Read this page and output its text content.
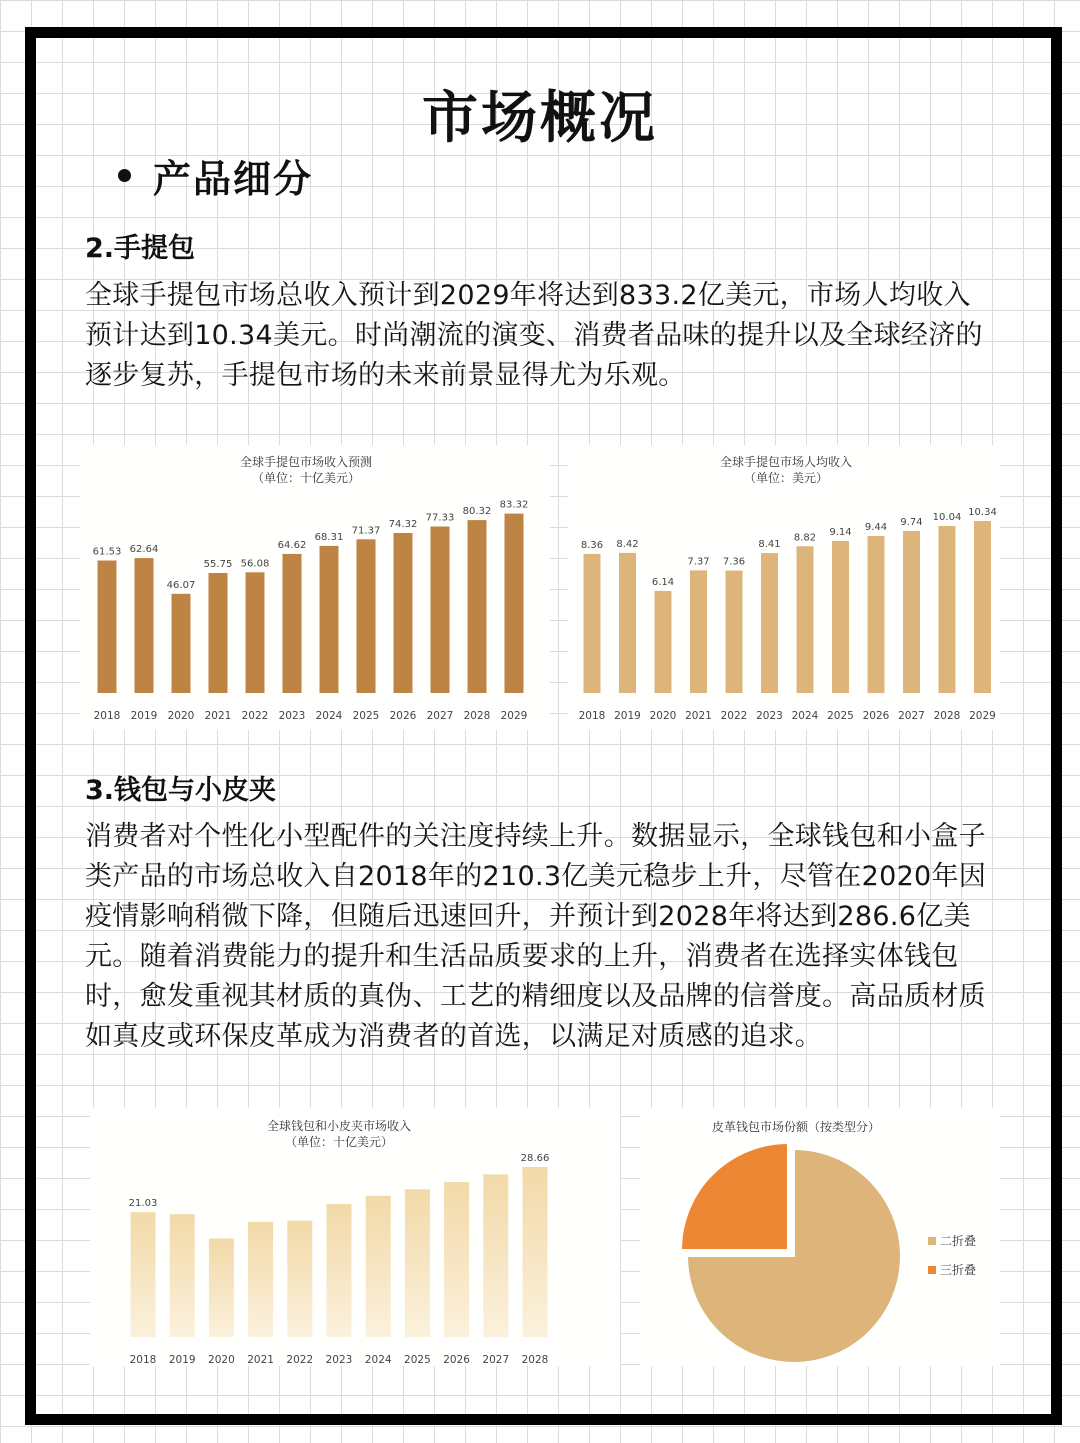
市场概况
产品细分
2.手提包

全球手提包市场总收入预计到2029年将达到833.2亿美元，市场人均收入预计达到10.34美元。时尚潮流的演变、消费者品味的提升以及全球经济的逐步复苏，手提包市场的未来前景显得尤为乐观。

全球手提包市场收入预测
（单位：十亿美元）
61.53
2018
62.64
2019
46.07
2020
55.75
2021
56.08
2022
64.62
2023
68.31
2024
71.37
2025
74.32
2026
77.33
2027
80.32
2028
83.32
2029
全球手提包市场人均收入
（单位：美元）
8.36
2018
8.42
2019
6.14
2020
7.37
2021
7.36
2022
8.41
2023
8.82
2024
9.14
2025
9.44
2026
9.74
2027
10.04
2028
10.34
2029
3.钱包与小皮夹

消费者对个性化小型配件的关注度持续上升。数据显示，全球钱包和小盒子类产品的市场总收入自2018年的210.3亿美元稳步上升，尽管在2020年因疫情影响稍微下降，但随后迅速回升，并预计到2028年将达到286.6亿美元。随着消费能力的提升和生活品质要求的上升，消费者在选择实体钱包时，愈发重视其材质的真伪、工艺的精细度以及品牌的信誉度。高品质材质如真皮或环保皮革成为消费者的首选，以满足对质感的追求。

全球钱包和小皮夹市场收入
（单位：十亿美元）
21.03
2018 2019 2020 2021 2022 2023 2024 2025 2026 2027
28.66
2028
皮革钱包市场份额（按类型分）
二折叠
三折叠
